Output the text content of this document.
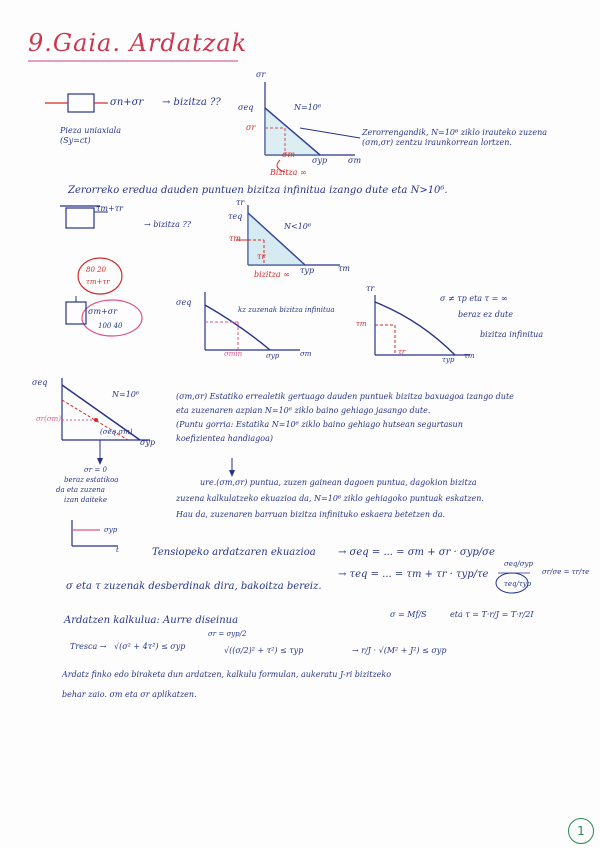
9.Gaia. Ardatzak
σn+σr → bizitza ??
Pieza uniaxiala (Sy=ct)
σr
σeq
σr
N=10⁶
σyp	σm
σm
Bizitza ∞
Zerorrengandik, N=10⁶ ziklo irauteko zuzena (σm,σr) zentzu iraunkorrean lortzen.
Zerorreko eredua dauden puntuen bizitza infinitua izango dute eta N>10⁶.
τm+τr
→ bizitza ??
τr
τeq
τm
N<10⁶
τyp	τm
τr
bizitza ∞
80 20
τm+τr
σm+σr
100 40
σeq
kz zuzenak bizitza infinitua
σmin	σyp	σm
τr
τm
τr
τyp τm
σ ≠ τp eta τ = ∞
beraz ez dute
bizitza infinitua
σeq
N=10⁶
σyp
σr(σm)
(σeq,σm)
σr = 0
beraz estatikoa
da eta zuzena
izan daiteke
σyp
t
(σm,σr) Estatiko errealetik gertuago dauden puntuek bizitza baxuagoa izango dute
eta zuzenaren azpian N=10⁶ ziklo baino gehiago jasango dute.
(Puntu gorria: Estatika N=10⁶ ziklo baino gehiago hutsean segurtasun
koefizientea handiagoa)
ure.(σm,σr) puntua, zuzen gainean dagoen puntua, dagokion bizitza
zuzena kalkulatzeko ekuazioa da, N=10⁶ ziklo gehiagoko puntuak eskatzen.
Hau da, zuzenaren barruan bizitza infinituko eskaera betetzen da.
Tensiopeko ardatzaren ekuazioa → σeq = ... = σm + σr · σyp/σe
→ τeq = ... = τm + τr · τyp/τe
σeq/σyp
τeq/τyp
σr/σe = τr/τe
σ eta τ zuzenak desberdinak dira, bakoitza bereiz.
Ardatzen kalkulua: Aurre diseinua
σ = Mf/S	eta τ = T·r/J = T·r/2I
Tresca → √(σ² + 4τ²) ≤ σyp
σr = σyp/2
√((σ/2)² + τ²) ≤ τyp	→ r/J · √(M² + J²) ≤ σyp
Ardatz finko edo biraketa dun ardatzen, kalkulu formulan, aukeratu J-ri bizitzeko
behar zaio. σm eta σr aplikatzen.
1
